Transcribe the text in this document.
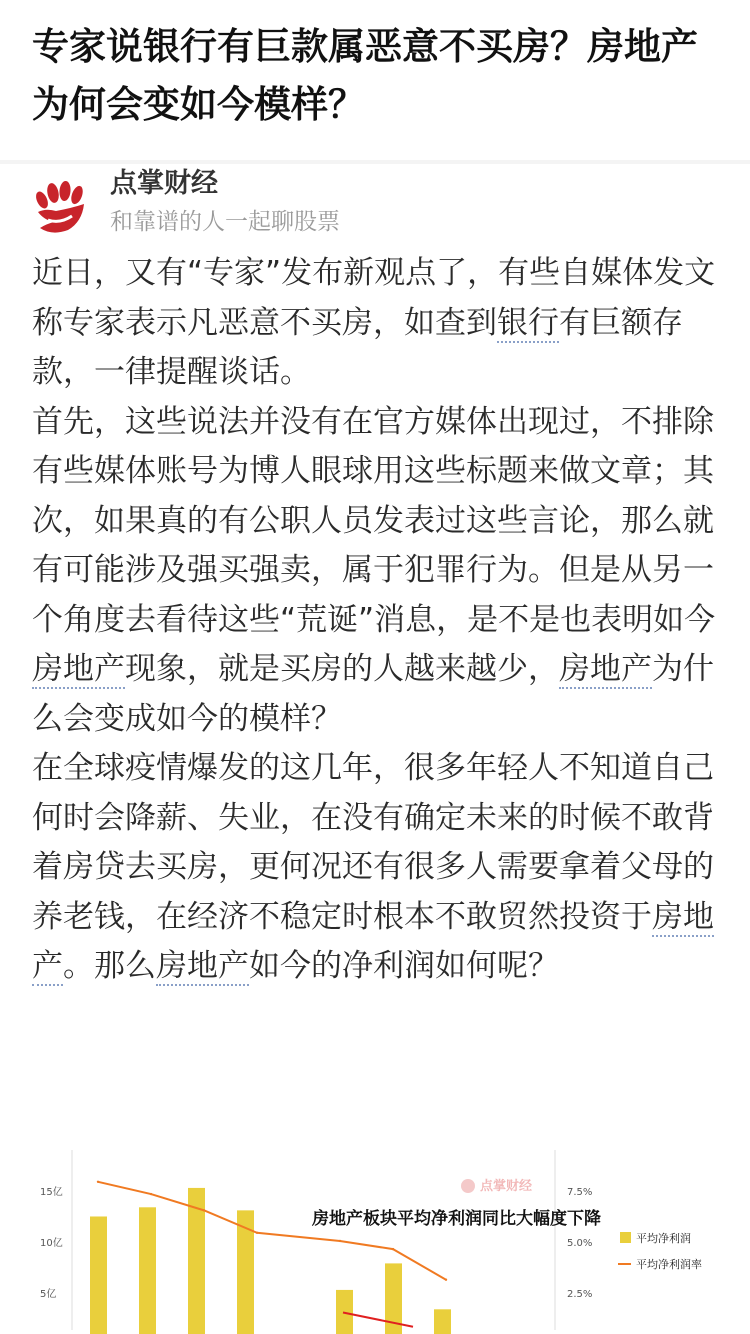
专家说银行有巨款属恶意不买房？房地产为何会变如今模样？
点掌财经
和靠谱的人一起聊股票

近日，又有“专家”发布新观点了，有些自媒体发文称专家表示凡恶意不买房，如查到银行有巨额存款，一律提醒谈话。

首先，这些说法并没有在官方媒体出现过，不排除有些媒体账号为博人眼球用这些标题来做文章；其次，如果真的有公职人员发表过这些言论，那么就有可能涉及强买强卖，属于犯罪行为。但是从另一个角度去看待这些“荒诞”消息，是不是也表明如今房地产现象，就是买房的人越来越少，房地产为什么会变成如今的模样？

在全球疫情爆发的这几年，很多年轻人不知道自己何时会降薪、失业，在没有确定未来的时候不敢背着房贷去买房，更何况还有很多人需要拿着父母的养老钱，在经济不稳定时根本不敢贸然投资于房地产。那么房地产如今的净利润如何呢？

15亿
10亿
5亿
7.5%
5.0%
2.5%
点掌财经
房地产板块平均净利润同比大幅度下降
平均净利润
平均净利润率
